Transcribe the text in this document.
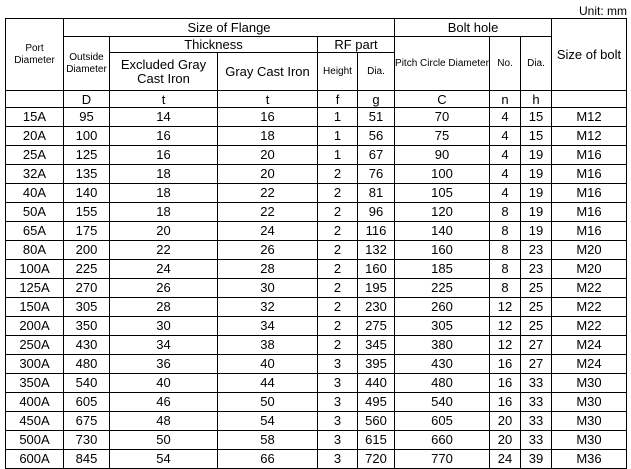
Unit: mm
Port Diameter	Size of Flange					Bolt hole			Size of bolt
	Outside Diameter	Thickness		RF part		Pitch Circle Diameter	No.	Dia.	
		Excluded Gray Cast Iron	Gray Cast Iron	Height	Dia.				
	D	t	t	f	g	C	n	h	
15A	95	14	16	1	51	70	4	15	M12
20A	100	16	18	1	56	75	4	15	M12
25A	125	16	20	1	67	90	4	19	M16
32A	135	18	20	2	76	100	4	19	M16
40A	140	18	22	2	81	105	4	19	M16
50A	155	18	22	2	96	120	8	19	M16
65A	175	20	24	2	116	140	8	19	M16
80A	200	22	26	2	132	160	8	23	M20
100A	225	24	28	2	160	185	8	23	M20
125A	270	26	30	2	195	225	8	25	M22
150A	305	28	32	2	230	260	12	25	M22
200A	350	30	34	2	275	305	12	25	M22
250A	430	34	38	2	345	380	12	27	M24
300A	480	36	40	3	395	430	16	27	M24
350A	540	40	44	3	440	480	16	33	M30
400A	605	46	50	3	495	540	16	33	M30
450A	675	48	54	3	560	605	20	33	M30
500A	730	50	58	3	615	660	20	33	M30
600A	845	54	66	3	720	770	24	39	M36
